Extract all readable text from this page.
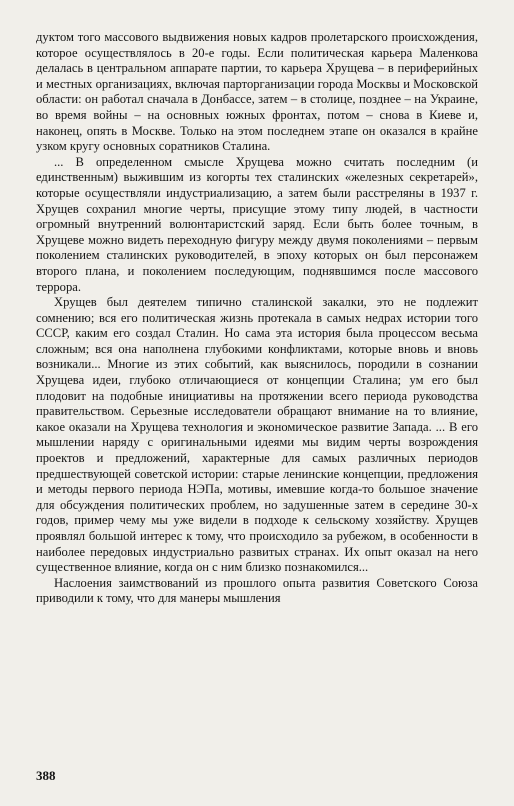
дуктом того массового выдвижения новых кадров пролетарского происхождения, которое осуществлялось в 20-е годы. Если политическая карьера Маленкова делалась в центральном аппарате партии, то карьера Хрущева – в периферийных и местных организациях, включая парторганизации города Москвы и Московской области: он работал сначала в Донбассе, затем – в столице, позднее – на Украине, во время войны – на основных южных фронтах, потом – снова в Киеве и, наконец, опять в Москве. Только на этом последнем этапе он оказался в крайне узком кругу основных соратников Сталина.

... В определенном смысле Хрущева можно считать последним (и единственным) выжившим из когорты тех сталинских «железных секретарей», которые осуществляли индустриализацию, а затем были расстреляны в 1937 г. Хрущев сохранил многие черты, присущие этому типу людей, в частности огромный внутренний волюнтаристский заряд. Если быть более точным, в Хрущеве можно видеть переходную фигуру между двумя поколениями – первым поколением сталинских руководителей, в эпоху которых он был персонажем второго плана, и поколением последующим, поднявшимся после массового террора.

Хрущев был деятелем типично сталинской закалки, это не подлежит сомнению; вся его политическая жизнь протекала в самых недрах истории того СССР, каким его создал Сталин. Но сама эта история была процессом весьма сложным; вся она наполнена глубокими конфликтами, которые вновь и вновь возникали... Многие из этих событий, как выяснилось, породили в сознании Хрущева идеи, глубоко отличающиеся от концепции Сталина; ум его был плодовит на подобные инициативы на протяжении всего периода руководства правительством. Серьезные исследователи обращают внимание на то влияние, какое оказали на Хрущева технология и экономическое развитие Запада. ... В его мышлении наряду с оригинальными идеями мы видим черты возрождения проектов и предложений, характерные для самых различных периодов предшествующей советской истории: старые ленинские концепции, предложения и методы первого периода НЭПа, мотивы, имевшие когда-то большое значение для обсуждения политических проблем, но задушенные затем в середине 30-х годов, пример чему мы уже видели в подходе к сельскому хозяйству. Хрущев проявлял большой интерес к тому, что происходило за рубежом, в особенности в наиболее передовых индустриально развитых странах. Их опыт оказал на него существенное влияние, когда он с ним близко познакомился...

Наслоения заимствований из прошлого опыта развития Советского Союза приводили к тому, что для манеры мышления

388
